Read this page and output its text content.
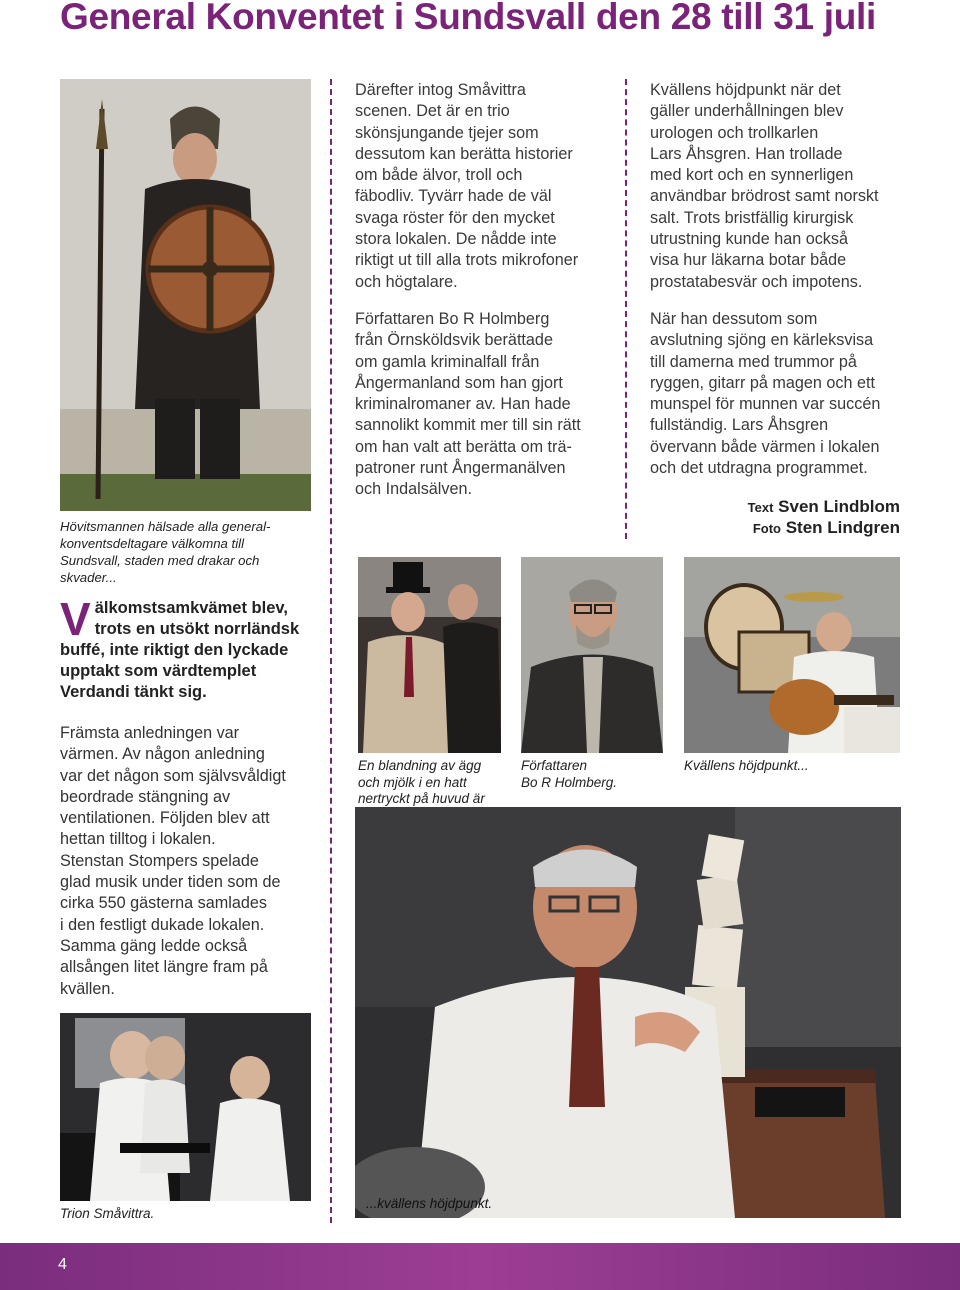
General Konventet i Sundsvall den 28 till 31 juli
Hövitsmannen hälsade alla general-
konventsdeltagare välkomna till
Sundsvall, staden med drakar och
skvader...
Välkomstsamkvämet blev, trots en utsökt norrländsk buffé, inte riktigt den lyckade upptakt som värdtemplet Verdandi tänkt sig.
Främsta anledningen var
värmen. Av någon anledning
var det någon som självsvåldigt
beordrade stängning av
ventilationen. Följden blev att
hettan tilltog i lokalen.
Stenstan Stompers spelade
glad musik under tiden som de
cirka 550 gästerna samlades
i den festligt dukade lokalen.
Samma gäng ledde också
allsången litet längre fram på
kvällen.
Trion Småvittra.
Därefter intog Småvittra
scenen. Det är en trio
skönsjungande tjejer som
dessutom kan berätta historier
om både älvor, troll och
fäbodliv. Tyvärr hade de väl
svaga röster för den mycket
stora lokalen. De nådde inte
riktigt ut till alla trots mikrofoner
och högtalare.
Författaren Bo R Holmberg
från Örnsköldsvik berättade
om gamla kriminalfall från
Ångermanland som han gjort
kriminalromaner av. Han hade
sannolikt kommit mer till sin rätt
om han valt att berätta om trä-
patroner runt Ångermanälven
och Indalsälven.
Kvällens höjdpunkt när det
gäller underhållningen blev
urologen och trollkarlen
Lars Åhsgren. Han trollade
med kort och en synnerligen
användbar brödrost samt norskt
salt. Trots bristfällig kirurgisk
utrustning kunde han också
visa hur läkarna botar både
prostatabesvär och impotens.
När han dessutom som
avslutning sjöng en kärleksvisa
till damerna med trummor på
ryggen, gitarr på magen och ett
munspel för munnen var succén
fullständig. Lars Åhsgren
övervann både värmen i lokalen
och det utdragna programmet.
Text Sven Lindblom
Foto Sten Lindgren
En blandning av ägg
och mjölk i en hatt
nertryckt på huvud är

Författaren
Bo R Holmberg.
Kvällens höjdpunkt...
...kvällens höjdpunkt.
4
